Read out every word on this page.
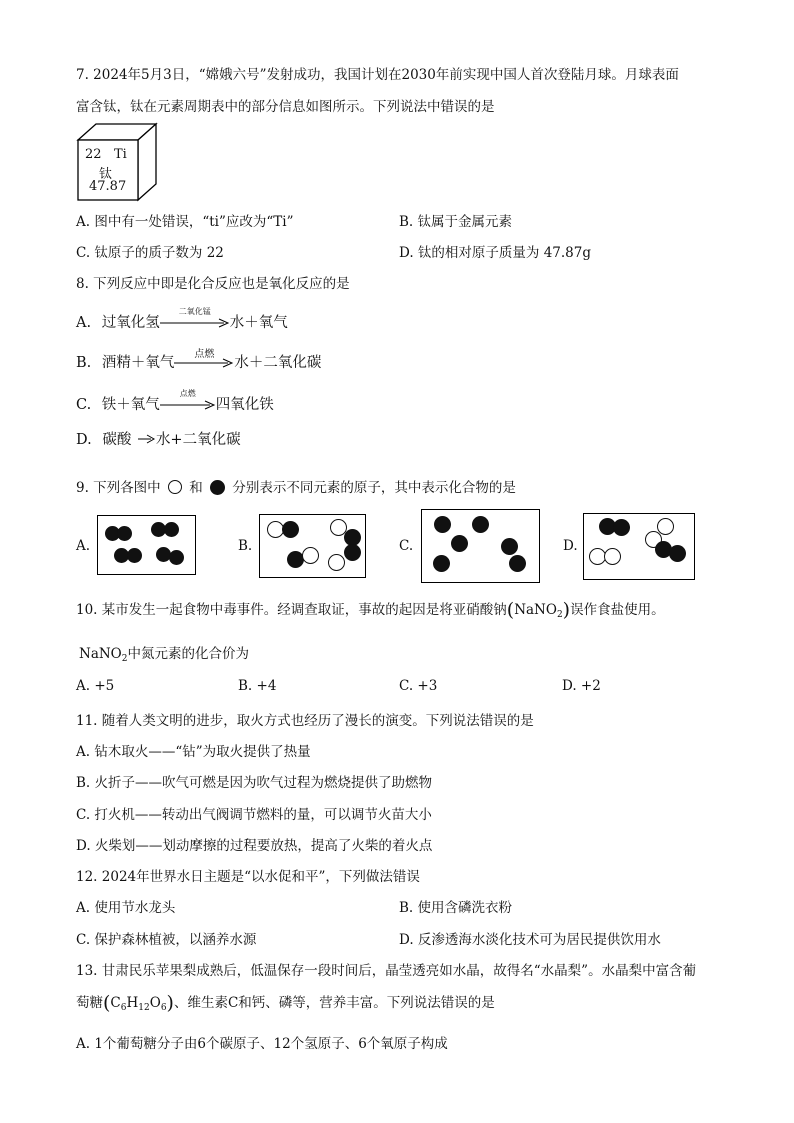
7. 2024年5月3日，“嫦娥六号”发射成功，我国计划在2030年前实现中国人首次登陆月球。月球表面
富含钛，钛在元素周期表中的部分信息如图所示。下列说法中错误的是
22 Ti
钛
47.87
A. 图中有一处错误，“ti”应改为“Ti”	B. 钛属于金属元素
C. 钛原子的质子数为 22	D. 钛的相对原子质量为 47.87g
8. 下列反应中即是化合反应也是氧化反应的是
A. 过氧化氢
二氧化锰
水＋氧气
B. 酒精＋氧气
点燃
水＋二氧化碳
C. 铁＋氧气
点燃
四氧化铁
D. 碳酸 水+二氧化碳
9. 下列各图中 和 分别表示不同元素的原子，其中表示化合物的是
A.	B.	C.	D.
10. 某市发生一起食物中毒事件。经调查取证，事故的起因是将亚硝酸钠(NaNO$_2$)误作食盐使用。
NaNO$_2$中氮元素的化合价为
A. +5	B. +4	C. +3	D. +2
11. 随着人类文明的进步，取火方式也经历了漫长的演变。下列说法错误的是
A. 钻木取火——“钻”为取火提供了热量
B. 火折子——吹气可燃是因为吹气过程为燃烧提供了助燃物
C. 打火机——转动出气阀调节燃料的量，可以调节火苗大小
D. 火柴划——划动摩擦的过程要放热，提高了火柴的着火点
12. 2024年世界水日主题是“以水促和平”，下列做法错误
A. 使用节水龙头	B. 使用含磷洗衣粉
C. 保护森林植被，以涵养水源	D. 反渗透海水淡化技术可为居民提供饮用水
13. 甘肃民乐苹果梨成熟后，低温保存一段时间后，晶莹透亮如水晶，故得名“水晶梨”。水晶梨中富含葡
萄糖$(C_6H_{12}O_6)$、维生素C和钙、磷等，营养丰富。下列说法错误的是
A. 1个葡萄糖分子由6个碳原子、12个氢原子、6个氧原子构成
